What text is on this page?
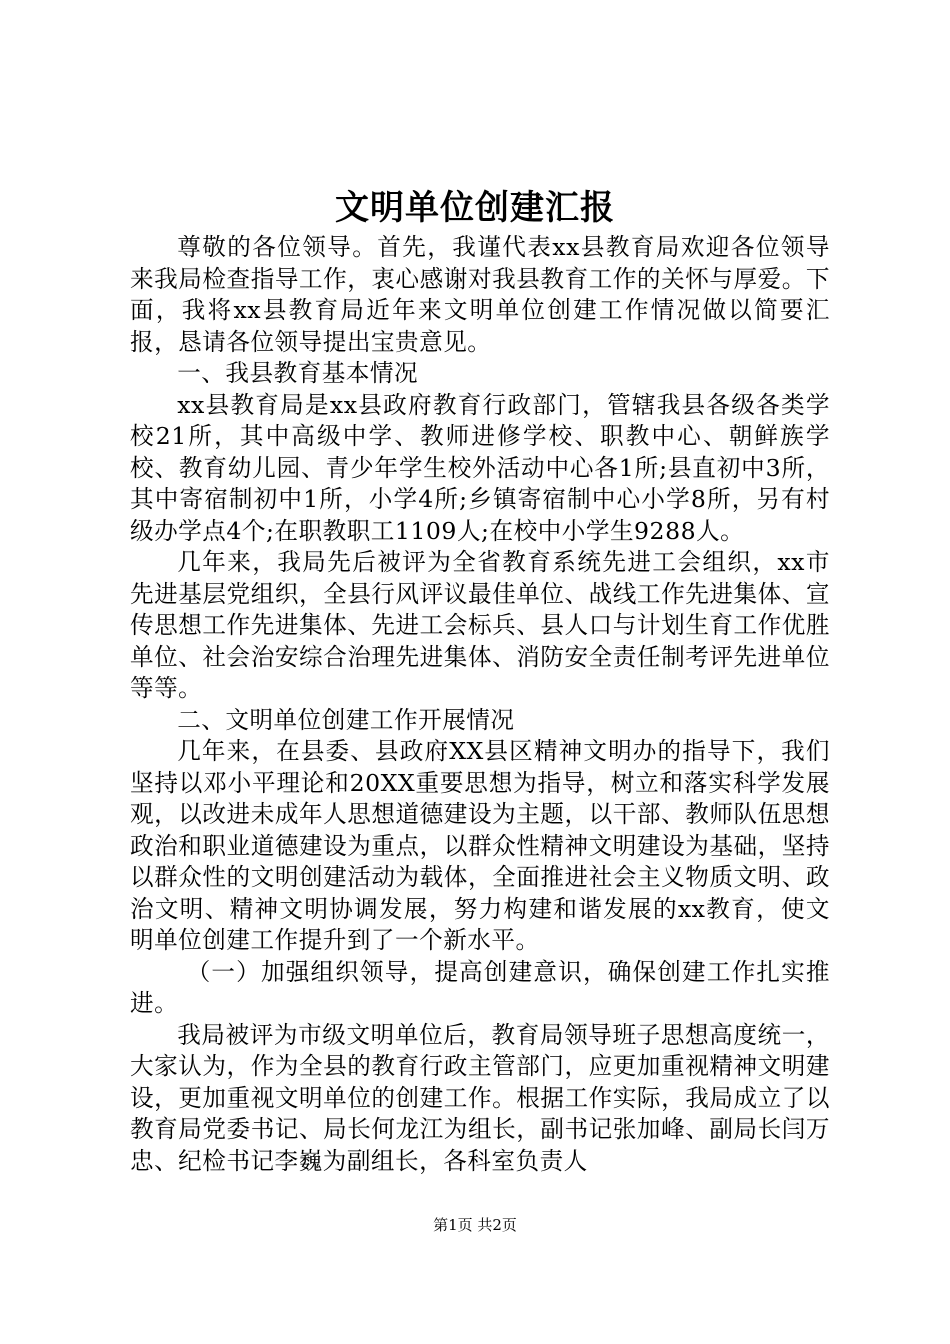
文明单位创建汇报

尊敬的各位领导。首先，我谨代表xx县教育局欢迎各位领导来我局检查指导工作，衷心感谢对我县教育工作的关怀与厚爱。下面，我将xx县教育局近年来文明单位创建工作情况做以简要汇报，恳请各位领导提出宝贵意见。

一、我县教育基本情况

xx县教育局是xx县政府教育行政部门，管辖我县各级各类学校21所，其中高级中学、教师进修学校、职教中心、朝鲜族学校、教育幼儿园、青少年学生校外活动中心各1所;县直初中3所，其中寄宿制初中1所，小学4所;乡镇寄宿制中心小学8所，另有村级办学点4个;在职教职工1109人;在校中小学生9288人。

几年来，我局先后被评为全省教育系统先进工会组织，xx市先进基层党组织，全县行风评议最佳单位、战线工作先进集体、宣传思想工作先进集体、先进工会标兵、县人口与计划生育工作优胜单位、社会治安综合治理先进集体、消防安全责任制考评先进单位等等。

二、文明单位创建工作开展情况

几年来，在县委、县政府XX县区精神文明办的指导下，我们坚持以邓小平理论和20XX重要思想为指导，树立和落实科学发展观，以改进未成年人思想道德建设为主题，以干部、教师队伍思想政治和职业道德建设为重点，以群众性精神文明建设为基础，坚持以群众性的文明创建活动为载体，全面推进社会主义物质文明、政治文明、精神文明协调发展，努力构建和谐发展的xx教育，使文明单位创建工作提升到了一个新水平。

（一）加强组织领导，提高创建意识，确保创建工作扎实推进。

我局被评为市级文明单位后，教育局领导班子思想高度统一，大家认为，作为全县的教育行政主管部门，应更加重视精神文明建设，更加重视文明单位的创建工作。根据工作实际，我局成立了以教育局党委书记、局长何龙江为组长，副书记张加峰、副局长闫万忠、纪检书记李巍为副组长，各科室负责人

第1页 共2页
